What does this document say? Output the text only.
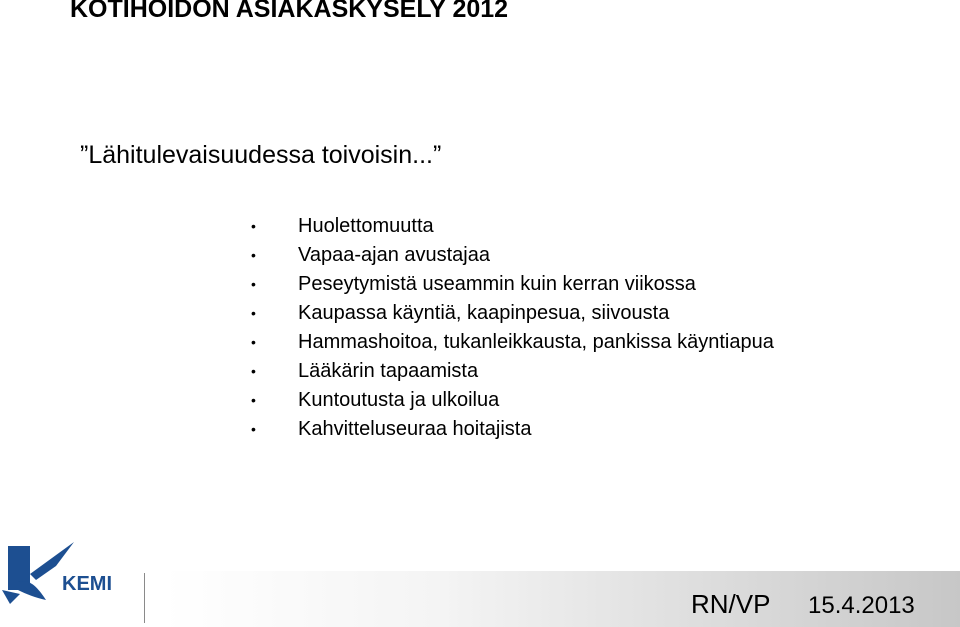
KOTIHOIDON ASIAKASKYSELY 2012
”Lähitulevaisuudessa toivoisin...”
•	Huolettomuutta
•	Vapaa-ajan avustajaa
•	Peseytymistä useammin kuin kerran viikossa
•	Kaupassa käyntiä, kaapinpesua, siivousta
•	Hammashoitoa, tukanleikkausta, pankissa käyntiapua
•	Lääkärin tapaamista
•	Kuntoutusta ja ulkoilua
•	Kahvitteluseuraa hoitajista
KEMI
RN/VP 15.4.2013
